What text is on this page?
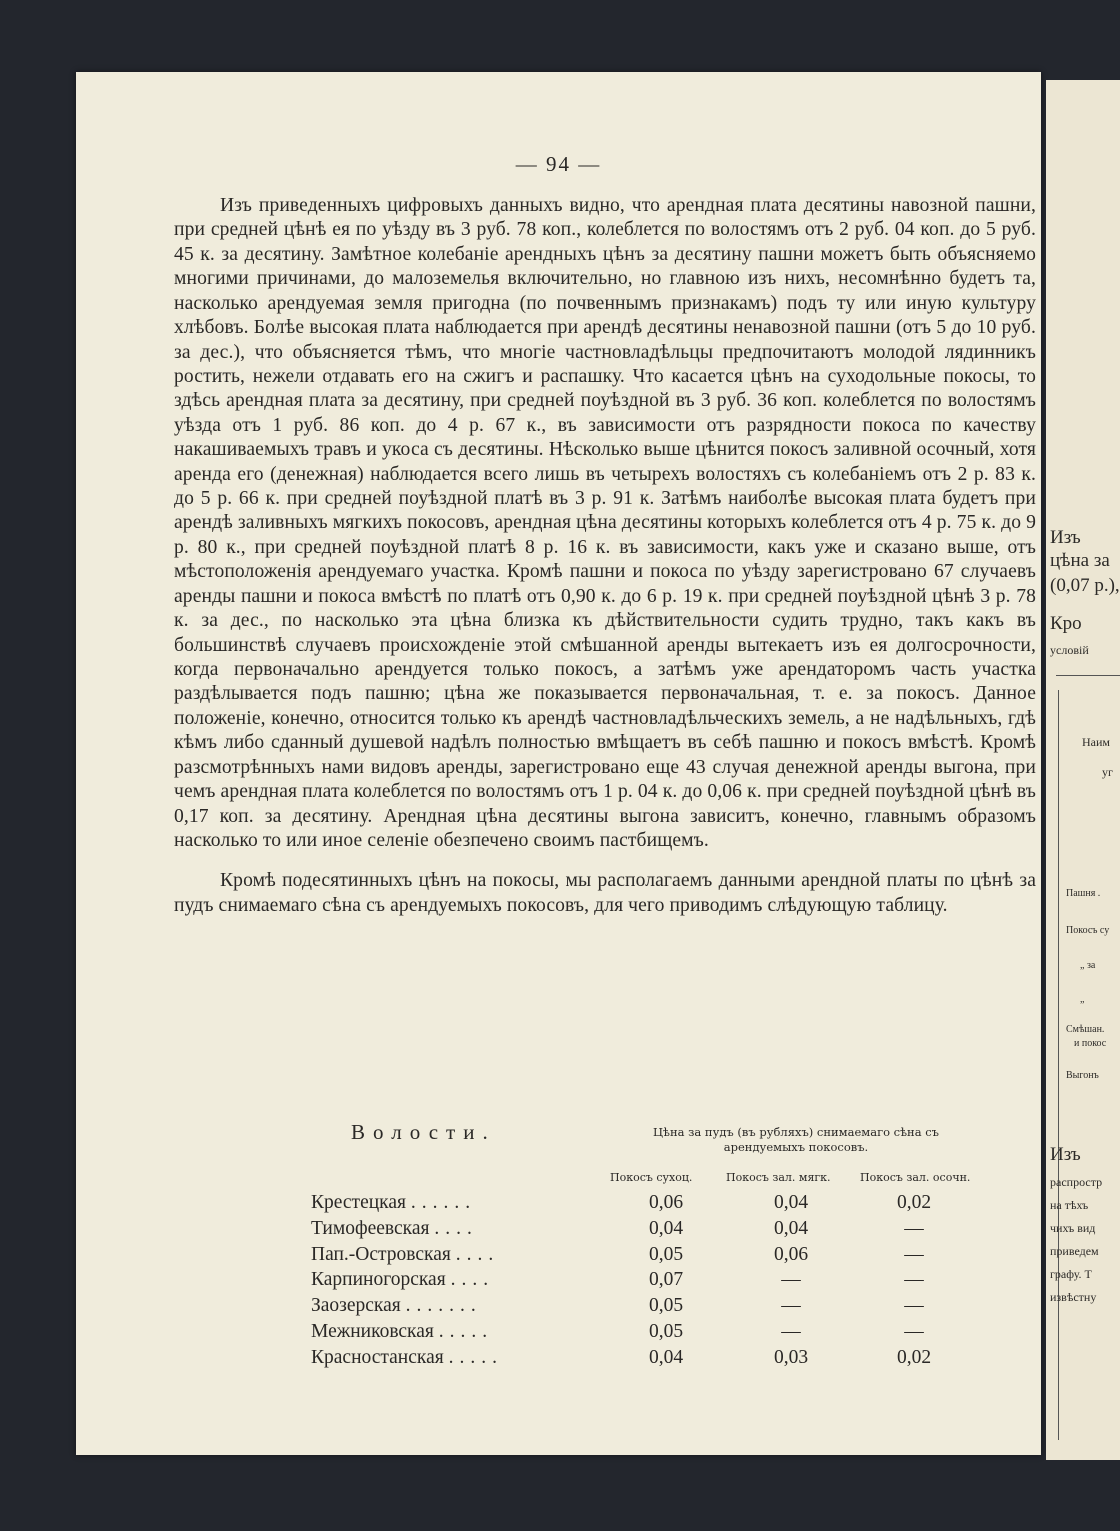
— 94 —

Изъ приведенныхъ цифровыхъ данныхъ видно, что арендная плата десятины навозной пашни, при средней цѣнѣ ея по уѣзду въ 3 руб. 78 коп., колеблется по волостямъ отъ 2 руб. 04 коп. до 5 руб. 45 к. за десятину. Замѣтное колебаніе арендныхъ цѣнъ за десятину пашни можетъ быть объясняемо многими причинами, до малоземелья включительно, но главною изъ нихъ, несомнѣнно будетъ та, насколько арендуемая земля пригодна (по почвеннымъ признакамъ) подъ ту или иную культуру хлѣбовъ. Болѣе высокая плата наблюдается при арендѣ десятины ненавозной пашни (отъ 5 до 10 руб. за дес.), что объясняется тѣмъ, что многіе частновладѣльцы предпочитаютъ молодой лядинникъ ростить, нежели отдавать его на сжигъ и распашку. Что касается цѣнъ на суходольные покосы, то здѣсь арендная плата за десятину, при средней поуѣздной въ 3 руб. 36 коп. колеблется по волостямъ уѣзда отъ 1 руб. 86 коп. до 4 р. 67 к., въ зависимости отъ разрядности покоса по качеству накашиваемыхъ травъ и укоса съ десятины. Нѣсколько выше цѣнится покосъ заливной осочный, хотя аренда его (денежная) наблюдается всего лишь въ четырехъ волостяхъ съ колебаніемъ отъ 2 р. 83 к. до 5 р. 66 к. при средней поуѣздной платѣ въ 3 р. 91 к. Затѣмъ наиболѣе высокая плата будетъ при арендѣ заливныхъ мягкихъ покосовъ, арендная цѣна десятины которыхъ колеблется отъ 4 р. 75 к. до 9 р. 80 к., при средней поуѣздной платѣ 8 р. 16 к. въ зависимости, какъ уже и сказано выше, отъ мѣстоположенія арендуемаго участка. Кромѣ пашни и покоса по уѣзду зарегистровано 67 случаевъ аренды пашни и покоса вмѣстѣ по платѣ отъ 0,90 к. до 6 р. 19 к. при средней поуѣздной цѣнѣ 3 р. 78 к. за дес., по насколько эта цѣна близка къ дѣйствительности судить трудно, такъ какъ въ большинствѣ случаевъ происхожденіе этой смѣшанной аренды вытекаетъ изъ ея долгосрочности, когда первоначально арендуется только покосъ, а затѣмъ уже арендаторомъ часть участка раздѣлывается подъ пашню; цѣна же показывается первоначальная, т. е. за покосъ. Данное положеніе, конечно, относится только къ арендѣ частновладѣльческихъ земель, а не надѣльныхъ, гдѣ кѣмъ либо сданный душевой надѣлъ полностью вмѣщаетъ въ себѣ пашню и покосъ вмѣстѣ. Кромѣ разсмотрѣнныхъ нами видовъ аренды, зарегистровано еще 43 случая денежной аренды выгона, при чемъ арендная плата колеблется по волостямъ отъ 1 р. 04 к. до 0,06 к. при средней поуѣздной цѣнѣ въ 0,17 коп. за десятину. Арендная цѣна десятины выгона зависитъ, конечно, главнымъ образомъ насколько то или иное селеніе обезпечено своимъ пастбищемъ.

Кромѣ подесятинныхъ цѣнъ на покосы, мы располагаемъ данными арендной платы по цѣнѣ за пудъ снимаемаго сѣна съ арендуемыхъ покосовъ, для чего приводимъ слѣдующую таблицу.

Волости.	Цѣна за пудъ (въ рубляхъ) снимаемаго сѣна съ арендуемыхъ покосовъ.
Покосъ сухоц.	Покосъ зал. мягк.	Покосъ зал. осочн.
Крестецкая ......	0,06	0,04	0,02
Тимофеевская ....	0,04	0,04	—
Пап.-Островская ....	0,05	0,06	—
Карпиногорская ....	0,07	—	—
Заозерская .......	0,05	—	—
Межниковская .....	0,05	—	—
Красностанская .....	0,04	0,03	0,02
Изъ
цѣна за
(0,07 р.),
Кро
условій
Наим
уг
Пашня .
Покосъ су
„ за
„
Смѣшан.
и покос
Выгонъ
Изъ
распростр
на тѣхъ
чихъ вид
приведем
графу. Т
извѣстну
